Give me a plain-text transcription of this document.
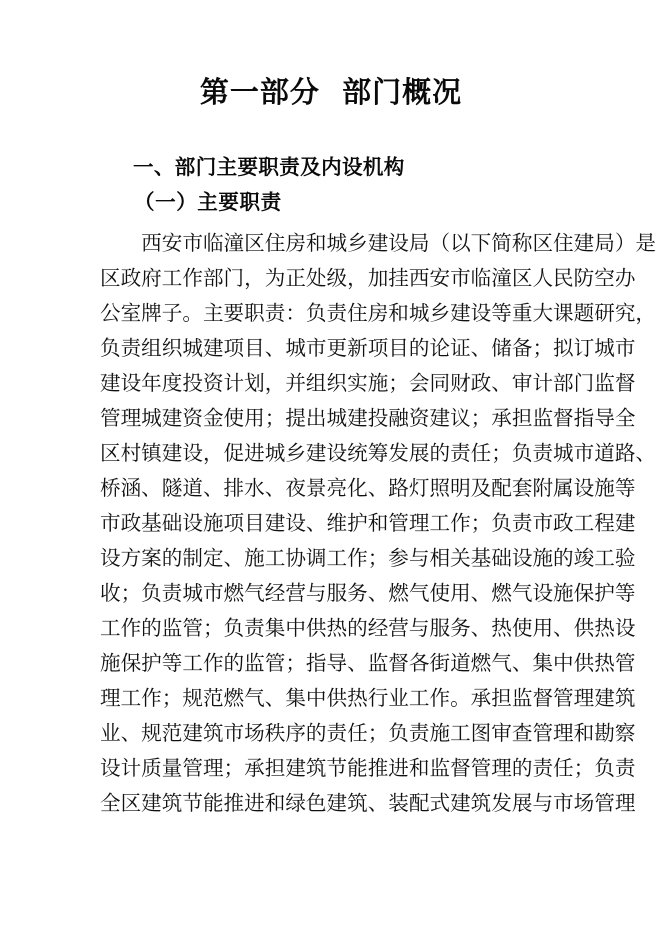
第一部分  部门概况
一、部门主要职责及内设机构
（一）主要职责
　　西安市临潼区住房和城乡建设局（以下简称区住建局）是
区政府工作部门，为正处级，加挂西安市临潼区人民防空办
公室牌子。主要职责：负责住房和城乡建设等重大课题研究，
负责组织城建项目、城市更新项目的论证、储备；拟订城市
建设年度投资计划，并组织实施；会同财政、审计部门监督
管理城建资金使用；提出城建投融资建议；承担监督指导全
区村镇建设，促进城乡建设统筹发展的责任；负责城市道路、
桥涵、隧道、排水、夜景亮化、路灯照明及配套附属设施等
市政基础设施项目建设、维护和管理工作；负责市政工程建
设方案的制定、施工协调工作；参与相关基础设施的竣工验
收；负责城市燃气经营与服务、燃气使用、燃气设施保护等
工作的监管；负责集中供热的经营与服务、热使用、供热设
施保护等工作的监管；指导、监督各街道燃气、集中供热管
理工作；规范燃气、集中供热行业工作。承担监督管理建筑
业、规范建筑市场秩序的责任；负责施工图审查管理和勘察
设计质量管理；承担建筑节能推进和监督管理的责任；负责
全区建筑节能推进和绿色建筑、装配式建筑发展与市场管理
